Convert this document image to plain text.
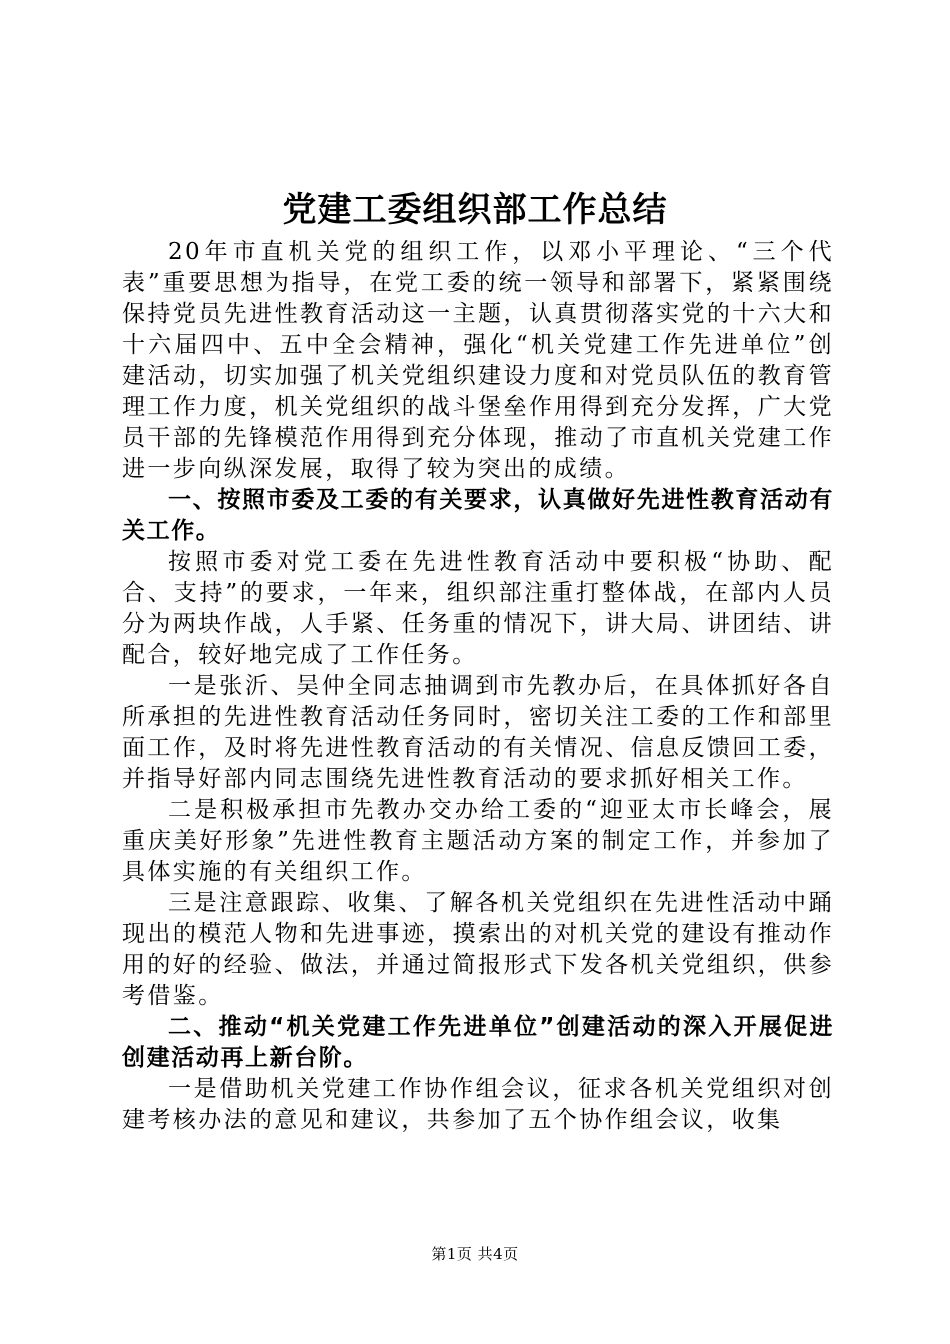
党建工委组织部工作总结

20年市直机关党的组织工作，以邓小平理论、“三个代表”重要思想为指导，在党工委的统一领导和部署下，紧紧围绕保持党员先进性教育活动这一主题，认真贯彻落实党的十六大和十六届四中、五中全会精神，强化“机关党建工作先进单位”创建活动，切实加强了机关党组织建设力度和对党员队伍的教育管理工作力度，机关党组织的战斗堡垒作用得到充分发挥，广大党员干部的先锋模范作用得到充分体现，推动了市直机关党建工作进一步向纵深发展，取得了较为突出的成绩。

一、按照市委及工委的有关要求，认真做好先进性教育活动有关工作。

按照市委对党工委在先进性教育活动中要积极“协助、配合、支持”的要求，一年来，组织部注重打整体战，在部内人员分为两块作战，人手紧、任务重的情况下，讲大局、讲团结、讲配合，较好地完成了工作任务。

一是张沂、吴仲全同志抽调到市先教办后，在具体抓好各自所承担的先进性教育活动任务同时，密切关注工委的工作和部里面工作，及时将先进性教育活动的有关情况、信息反馈回工委，并指导好部内同志围绕先进性教育活动的要求抓好相关工作。

二是积极承担市先教办交办给工委的“迎亚太市长峰会，展重庆美好形象”先进性教育主题活动方案的制定工作，并参加了具体实施的有关组织工作。

三是注意跟踪、收集、了解各机关党组织在先进性活动中踊现出的模范人物和先进事迹，摸索出的对机关党的建设有推动作用的好的经验、做法，并通过简报形式下发各机关党组织，供参考借鉴。

二、推动“机关党建工作先进单位”创建活动的深入开展促进创建活动再上新台阶。

一是借助机关党建工作协作组会议，征求各机关党组织对创建考核办法的意见和建议，共参加了五个协作组会议，收集

第1页 共4页
